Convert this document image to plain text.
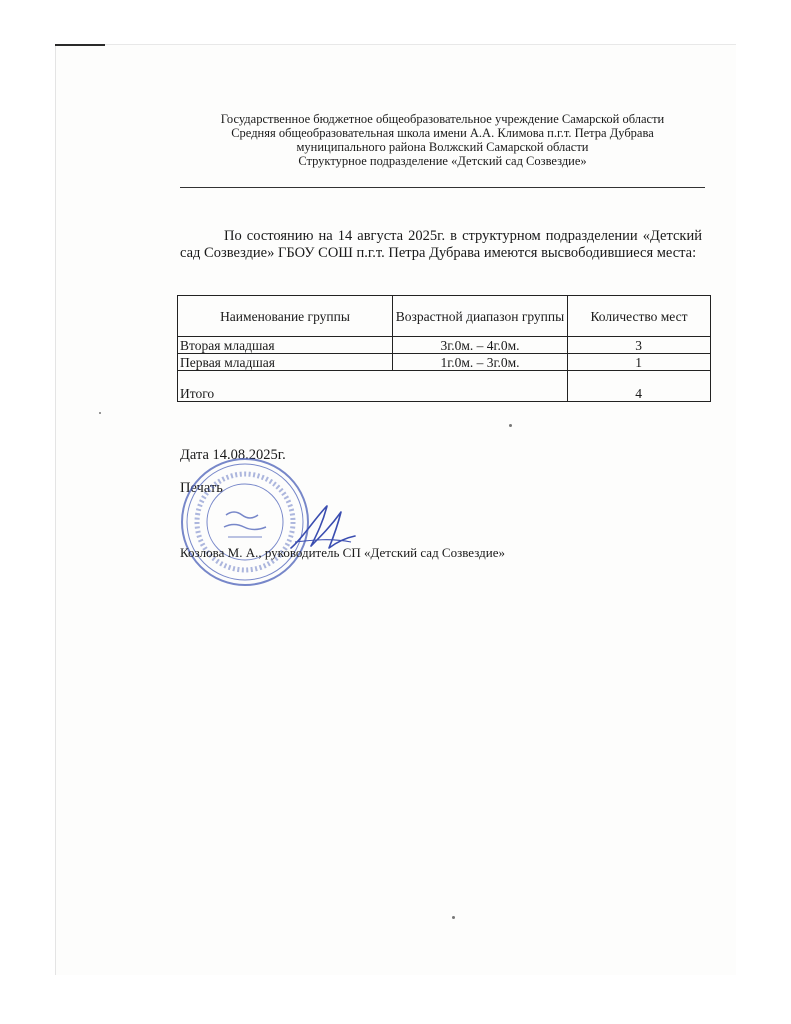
Государственное бюджетное общеобразовательное учреждение Самарской области
Средняя общеобразовательная школа имени А.А. Климова п.г.т. Петра Дубрава
муниципального района Волжский Самарской области
Структурное подразделение «Детский сад Созвездие»
По состоянию на 14 августа 2025г. в структурном подразделении «Детский сад Созвездие» ГБОУ СОШ п.г.т. Петра Дубрава имеются высвободившиеся места:
Наименование группы	Возрастной диапазон группы	Количество мест
Вторая младшая	3г.0м. – 4г.0м.	3
Первая младшая	1г.0м. – 3г.0м.	1
Итого		4
Дата 14.08.2025г.
Печать
Козлова М. А., руководитель СП «Детский сад Созвездие»
